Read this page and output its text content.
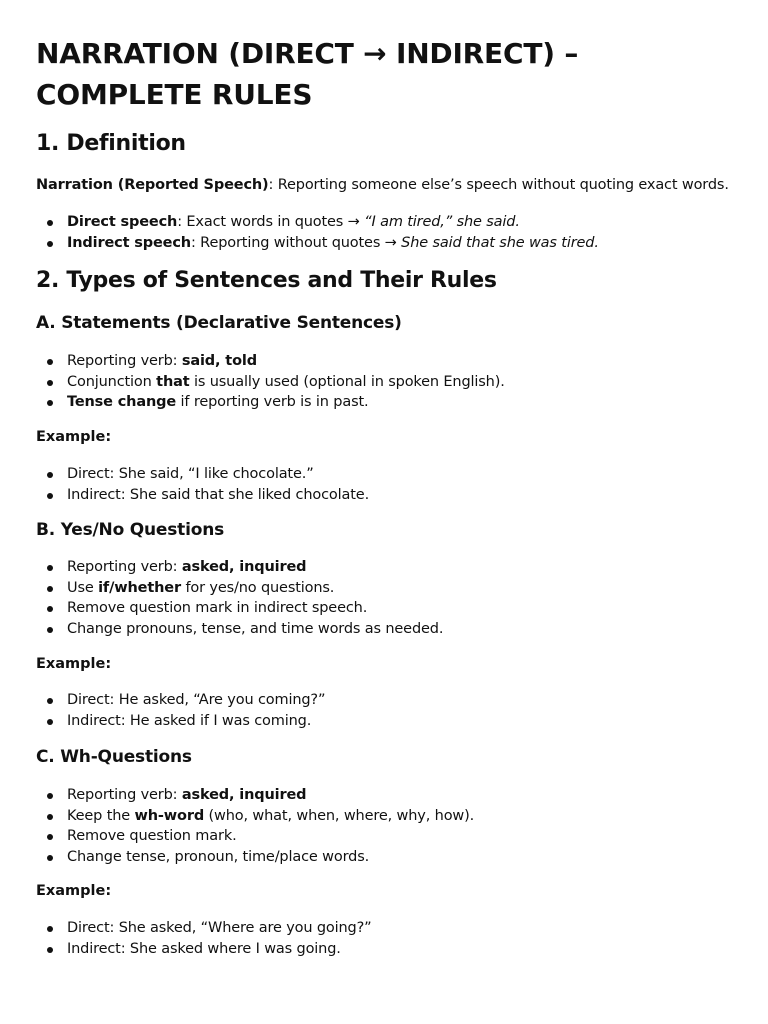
NARRATION (DIRECT → INDIRECT) –
COMPLETE RULES
1. Definition
Narration (Reported Speech): Reporting someone else’s speech without quoting exact words.
Direct speech: Exact words in quotes → “I am tired,” she said.
Indirect speech: Reporting without quotes → She said that she was tired.
2. Types of Sentences and Their Rules
A. Statements (Declarative Sentences)
Reporting verb: said, told
Conjunction that is usually used (optional in spoken English).
Tense change if reporting verb is in past.
Example:
Direct: She said, “I like chocolate.”
Indirect: She said that she liked chocolate.
B. Yes/No Questions
Reporting verb: asked, inquired
Use if/whether for yes/no questions.
Remove question mark in indirect speech.
Change pronouns, tense, and time words as needed.
Example:
Direct: He asked, “Are you coming?”
Indirect: He asked if I was coming.
C. Wh-Questions
Reporting verb: asked, inquired
Keep the wh-word (who, what, when, where, why, how).
Remove question mark.
Change tense, pronoun, time/place words.
Example:
Direct: She asked, “Where are you going?”
Indirect: She asked where I was going.
